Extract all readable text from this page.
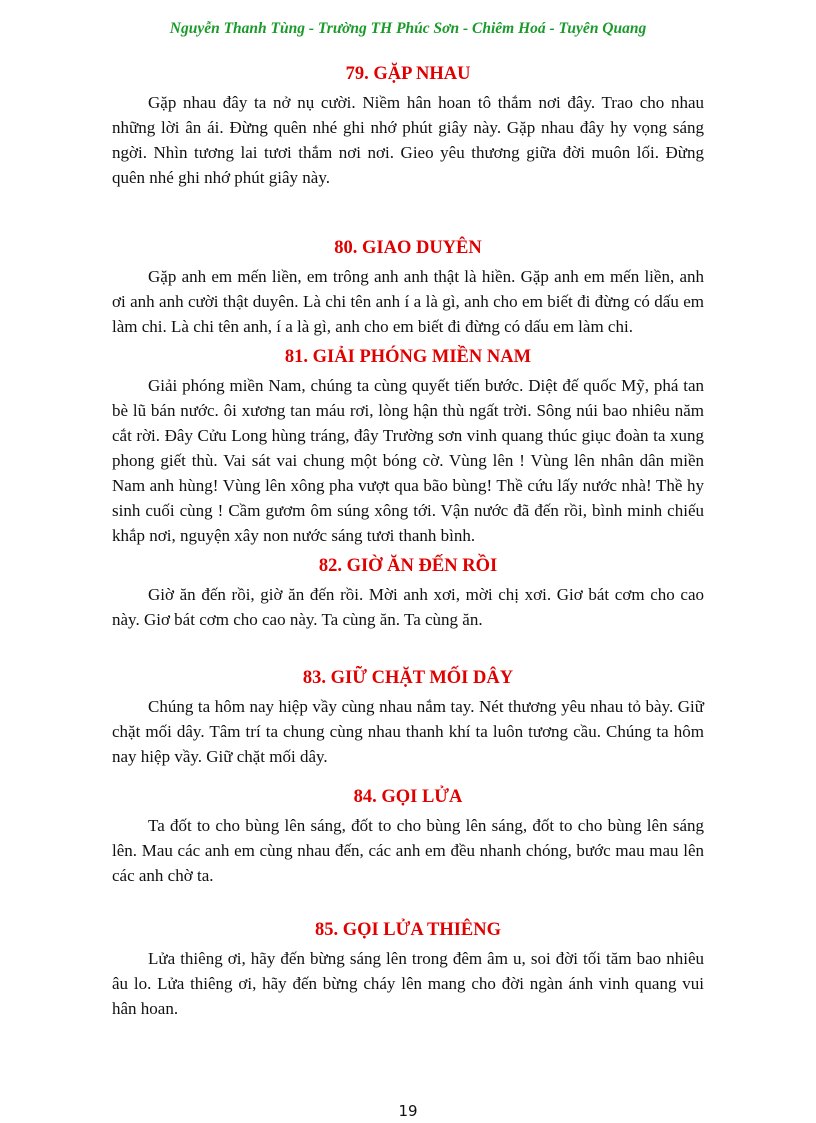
Nguyễn Thanh Tùng - Trường TH Phúc Sơn - Chiêm Hoá - Tuyên Quang
79. GẶP NHAU

Gặp nhau đây ta nở nụ cười. Niềm hân hoan tô thắm nơi đây. Trao cho nhau những lời ân ái. Đừng quên nhé ghi nhớ phút giây này. Gặp nhau đây hy vọng sáng ngời. Nhìn tương lai tươi thắm nơi nơi. Gieo yêu thương giữa đời muôn lối. Đừng quên nhé ghi nhớ phút giây này.

80. GIAO DUYÊN

Gặp anh em mến liền, em trông anh anh thật là hiền. Gặp anh em mến liền, anh ơi anh anh cười thật duyên. Là chi tên anh í a là gì, anh cho em biết đi đừng có dấu em làm chi. Là chi tên anh, í a là gì, anh cho em biết đi đừng có dấu em làm chi.

81. GIẢI PHÓNG MIỀN NAM

Giải phóng miền Nam, chúng ta cùng quyết tiến bước. Diệt đế quốc Mỹ, phá tan bè lũ bán nước. ôi xương tan máu rơi, lòng hận thù ngất trời. Sông núi bao nhiêu năm cắt rời. Đây Cửu Long hùng tráng, đây Trường sơn vinh quang thúc giục đoàn ta xung phong giết thù. Vai sát vai chung một bóng cờ. Vùng lên ! Vùng lên nhân dân miền Nam anh hùng! Vùng lên xông pha vượt qua bão bùng! Thề cứu lấy nước nhà! Thề hy sinh cuối cùng ! Cầm gươm ôm súng xông tới. Vận nước đã đến rồi, bình minh chiếu khắp nơi, nguyện xây non nước sáng tươi thanh bình.

82. GIỜ ĂN ĐẾN RỒI

Giờ ăn đến rồi, giờ ăn đến rồi. Mời anh xơi, mời chị xơi. Giơ bát cơm cho cao này. Giơ bát cơm cho cao này. Ta cùng ăn. Ta cùng ăn.

83. GIỮ CHẶT MỐI DÂY

Chúng ta hôm nay hiệp vầy cùng nhau nắm tay. Nét thương yêu nhau tỏ bày. Giữ chặt mối dây. Tâm trí ta chung cùng nhau thanh khí ta luôn tương cầu. Chúng ta hôm nay hiệp vầy. Giữ chặt mối dây.

84. GỌI LỬA

Ta đốt to cho bùng lên sáng, đốt to cho bùng lên sáng, đốt to cho bùng lên sáng lên. Mau các anh em cùng nhau đến, các anh em đều nhanh chóng, bước mau mau lên các anh chờ ta.

85. GỌI LỬA THIÊNG

Lửa thiêng ơi, hãy đến bừng sáng lên trong đêm âm u, soi đời tối tăm bao nhiêu âu lo. Lửa thiêng ơi, hãy đến bừng cháy lên mang cho đời ngàn ánh vinh quang vui hân hoan.

19
